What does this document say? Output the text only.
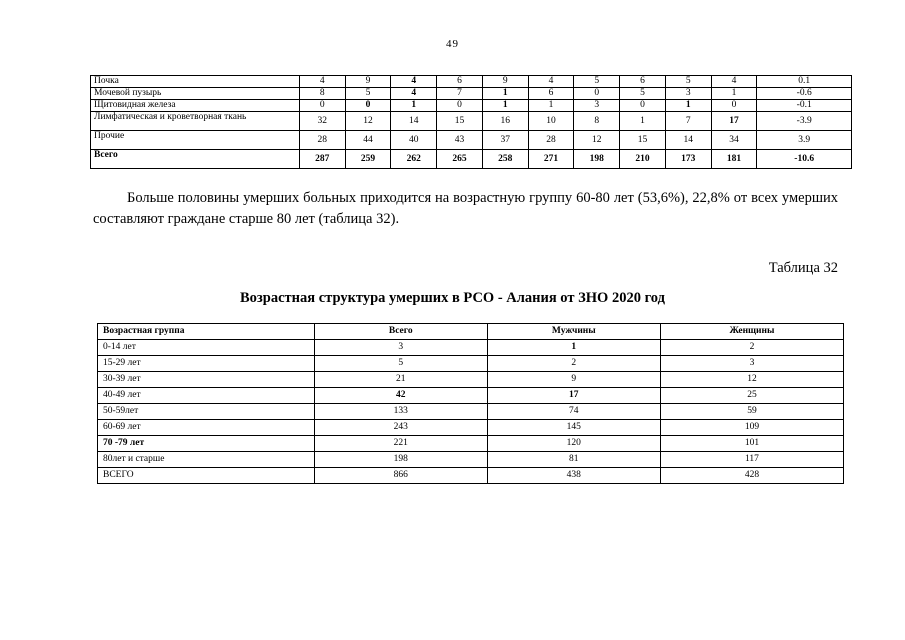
49
Почка	4	9	4	6	9	4	5	6	5	4	0.1
Мочевой пузырь	8	5	4	7	1	6	0	5	3	1	-0.6
Щитовидная железа	0	0	1	0	1	1	3	0	1	0	-0.1
Лимфатическая и кроветворная ткань	32	12	14	15	16	10	8	1	7	17	-3.9
Прочие	28	44	40	43	37	28	12	15	14	34	3.9
Всего	287	259	262	265	258	271	198	210	173	181	-10.6
Больше половины умерших больных приходится на возрастную группу 60-80 лет (53,6%), 22,8% от всех умерших составляют граждане старше 80 лет (таблица 32).
Таблица 32
Возрастная структура умерших в РСО - Алания от ЗНО 2020 год
Возрастная группа	Всего	Мужчины	Женщины
0-14 лет	3	1	2
15-29 лет	5	2	3
30-39 лет	21	9	12
40-49 лет	42	17	25
50-59лет	133	74	59
60-69 лет	243	145	109
70 -79 лет	221	120	101
80лет и старше	198	81	117
ВСЕГО	866	438	428
